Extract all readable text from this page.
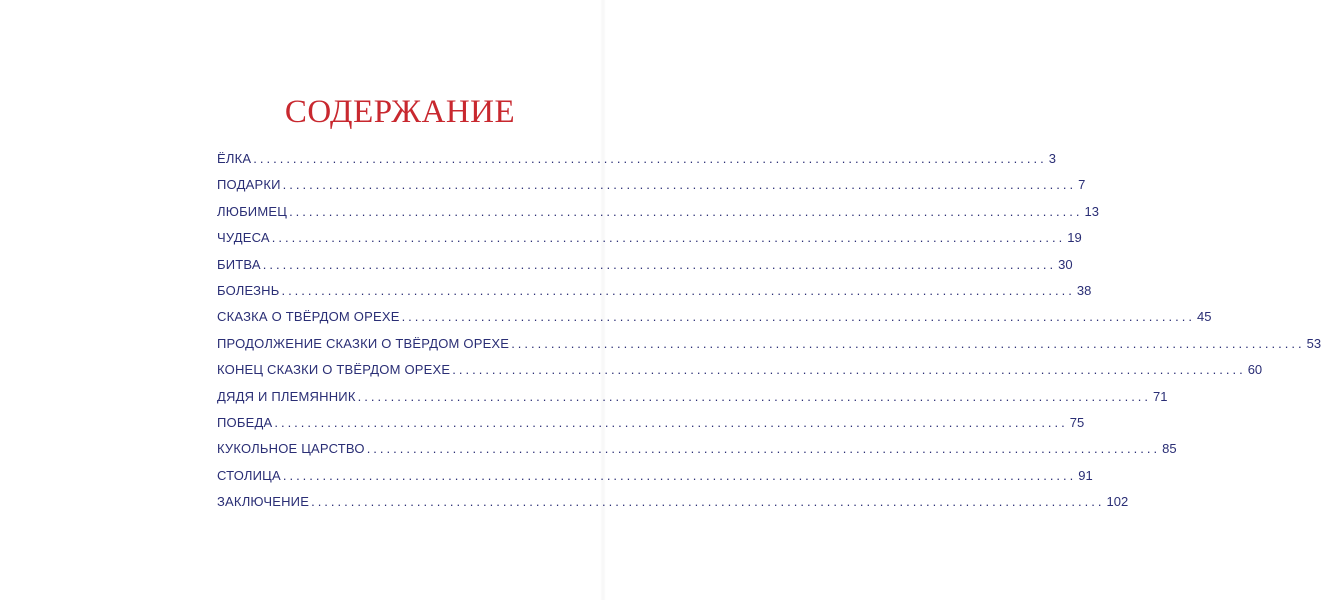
СОДЕРЖАНИЕ
ЁЛКА ........................................................................................................................ 3
ПОДАРКИ ........................................................................................................................ 7
ЛЮБИМЕЦ ........................................................................................................................ 13
ЧУДЕСА ........................................................................................................................ 19
БИТВА ........................................................................................................................ 30
БОЛЕЗНЬ ........................................................................................................................ 38
СКАЗКА О ТВЁРДОМ ОРЕХЕ ........................................................................................................................ 45
ПРОДОЛЖЕНИЕ СКАЗКИ О ТВЁРДОМ ОРЕХЕ ........................................................................................................................ 53
КОНЕЦ СКАЗКИ О ТВЁРДОМ ОРЕХЕ ........................................................................................................................ 60
ДЯДЯ И ПЛЕМЯННИК ........................................................................................................................ 71
ПОБЕДА ........................................................................................................................ 75
КУКОЛЬНОЕ ЦАРСТВО ........................................................................................................................ 85
СТОЛИЦА ........................................................................................................................ 91
ЗАКЛЮЧЕНИЕ ........................................................................................................................ 102
